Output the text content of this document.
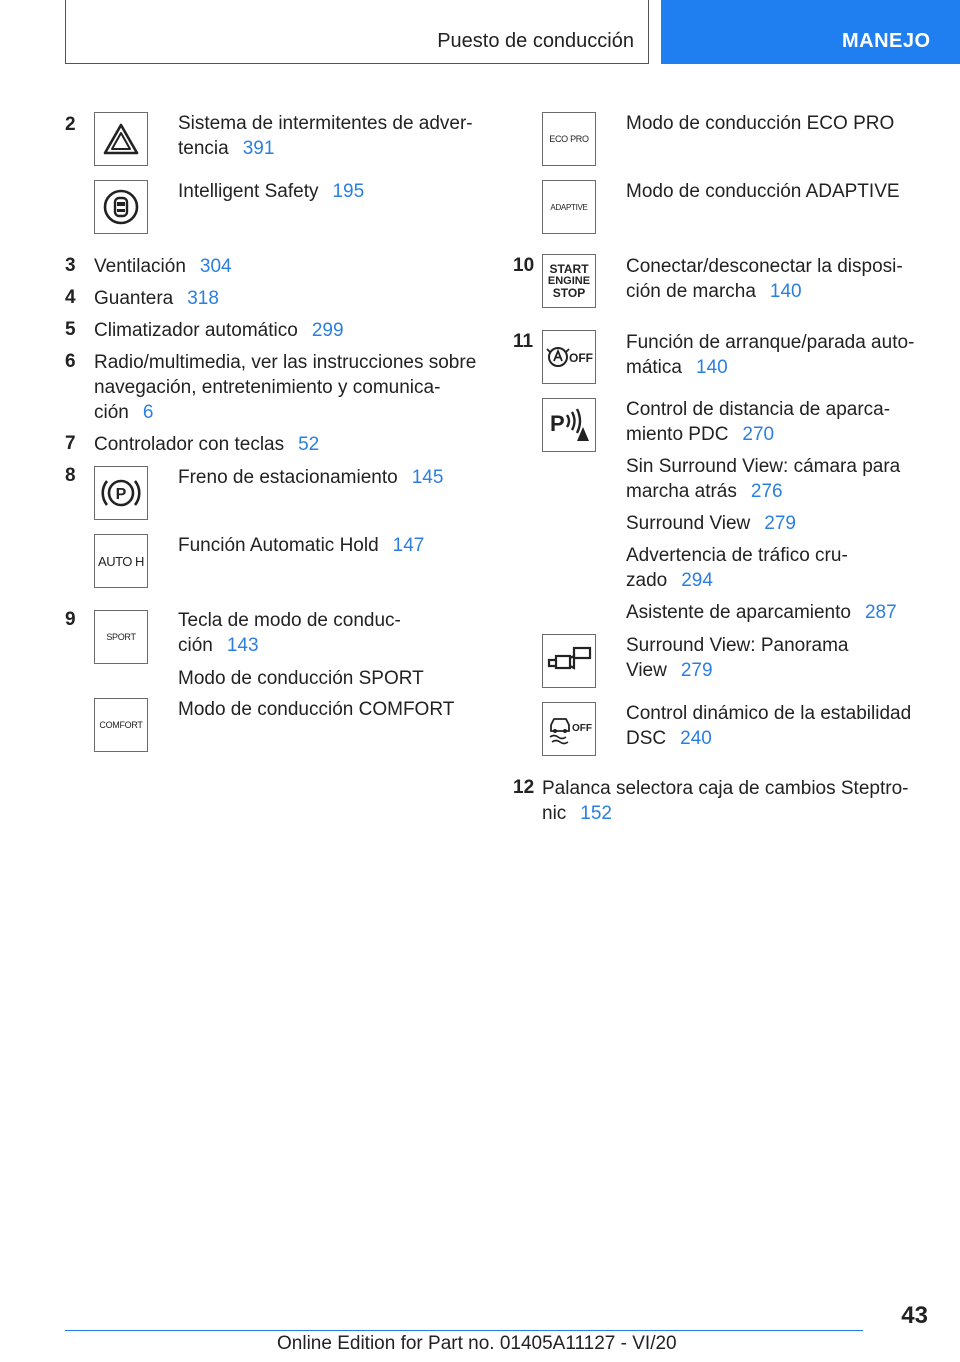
Puesto de conducción	MANEJO
2	Sistema de intermitentes de adver-
tencia 391
Intelligent Safety 195
3 Ventilación 304
4 Guantera 318
5 Climatizador automático 299
6 Radio/multimedia, ver las instrucciones sobre
navegación, entretenimiento y comunica-
ción 6
7 Controlador con teclas 52
8
P
Freno de estacionamiento 145
AUTO H
Función Automatic Hold 147
9
SPORT
Tecla de modo de conduc-
ción 143
Modo de conducción SPORT
COMFORT
Modo de conducción COMFORT
ECO PRO
Modo de conducción ECO PRO
ADAPTIVE
Modo de conducción ADAPTIVE
10 START
ENGINE
STOP
Conectar/desconectar la disposi-
ción de marcha 140
11
OFF
Función de arranque/parada auto-
mática 140
P
Control de distancia de aparca-
miento PDC 270
Sin Surround View: cámara para
marcha atrás 276
Surround View 279
Advertencia de tráfico cru-
zado 294
Asistente de aparcamiento 287
Surround View: Panorama
View 279
OFF
Control dinámico de la estabilidad
DSC 240
12 Palanca selectora caja de cambios Steptro-
nic 152
43
Online Edition for Part no. 01405A11127 - VI/20
